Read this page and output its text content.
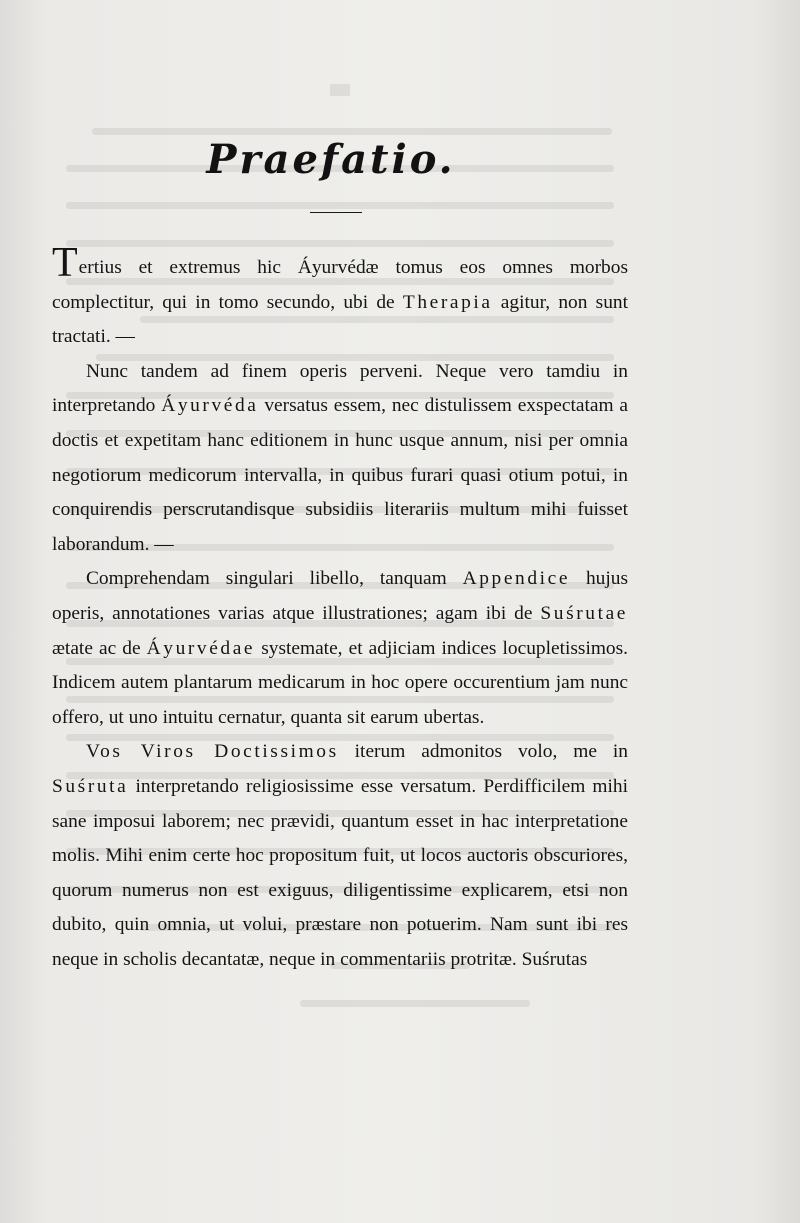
Praefatio.

Tertius et extremus hic Áyurvédæ tomus eos omnes morbos complectitur, qui in tomo secundo, ubi de Therapia agitur, non sunt tractati. —

Nunc tandem ad finem operis perveni. Neque vero tamdiu in interpretando Áyurvéda versatus essem, nec distulissem exspectatam a doctis et expetitam hanc editionem in hunc usque annum, nisi per omnia negotiorum medicorum intervalla, in quibus furari quasi otium potui, in conquirendis perscrutandisque subsidiis literariis multum mihi fuisset laborandum. —

Comprehendam singulari libello, tanquam Appendice hujus operis, annotationes varias atque illustrationes; agam ibi de Suśrutae ætate ac de Áyurvédae systemate, et adjiciam indices locupletissimos. Indicem autem plantarum medicarum in hoc opere occurentium jam nunc offero, ut uno intuitu cernatur, quanta sit earum ubertas.

Vos Viros Doctissimos iterum admonitos volo, me in Suśruta interpretando religiosissime esse versatum. Perdifficilem mihi sane imposui laborem; nec prævidi, quantum esset in hac interpretatione molis. Mihi enim certe hoc propositum fuit, ut locos auctoris obscuriores, quorum numerus non est exiguus, diligentissime explicarem, etsi non dubito, quin omnia, ut volui, præstare non potuerim. Nam sunt ibi res neque in scholis decantatæ, neque in commentariis protritæ. Suśrutas
